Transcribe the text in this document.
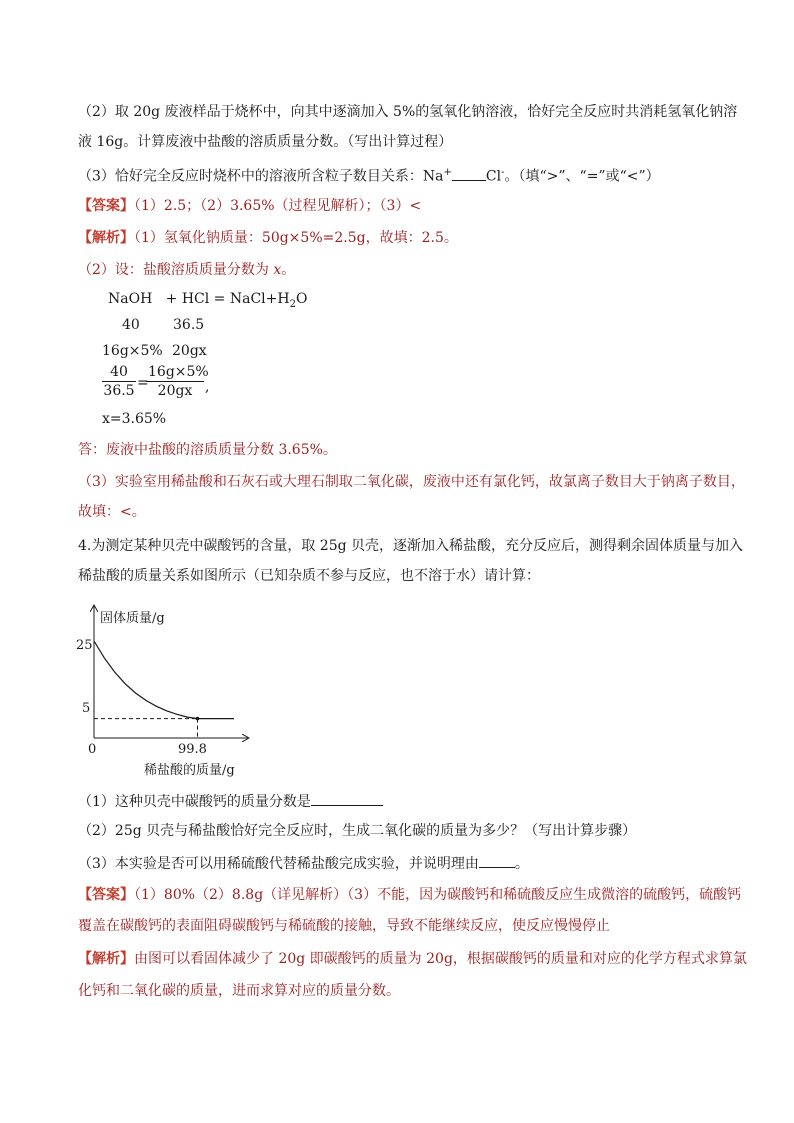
（2）取 20g 废液样品于烧杯中，向其中逐滴加入 5%的氢氧化钠溶液，恰好完全反应时共消耗氢氧化钠溶
液 16g。计算废液中盐酸的溶质质量分数。（写出计算过程）
（3）恰好完全反应时烧杯中的溶液所含粒子数目关系：Na+ Cl-。（填“>”、“=”或“<”）
【答案】（1）2.5；（2）3.65%（过程见解析）；（3）<
【解析】（1）氢氧化钠质量：50g×5%=2.5g，故填：2.5。
（2）设：盐酸溶质质量分数为 x。
NaOH + HCl = $NaCl+H_2O$
40 36.5
16g×5% 20gx
$\frac{40}{36.5}$ =
$\frac{16g\times 5\%}{20gx}$ ,
x=3.65%
答：废液中盐酸的溶质质量分数 3.65%。
（3）实验室用稀盐酸和石灰石或大理石制取二氧化碳，废液中还有氯化钙，故氯离子数目大于钠离子数目，
故填：<。
4.为测定某种贝壳中碳酸钙的含量，取 25g 贝壳，逐渐加入稀盐酸，充分反应后，测得剩余固体质量与加入
稀盐酸的质量关系如图所示（已知杂质不参与反应，也不溶于水）请计算：
固体质量/g
稀盐酸的质量/g
0
25
5
99.8
（1）这种贝壳中碳酸钙的质量分数是
（2）25g 贝壳与稀盐酸恰好完全反应时，生成二氧化碳的质量为多少？（写出计算步骤）
（3）本实验是否可以用稀硫酸代替稀盐酸完成实验，并说明理由	。
【答案】（1）80%（2）8.8g（详见解析）（3）不能，因为碳酸钙和稀硫酸反应生成微溶的硫酸钙，硫酸钙
覆盖在碳酸钙的表面阻碍碳酸钙与稀硫酸的接触，导致不能继续反应，使反应慢慢停止
【解析】由图可以看固体减少了 20g 即碳酸钙的质量为 20g，根据碳酸钙的质量和对应的化学方程式求算氯
化钙和二氧化碳的质量，进而求算对应的质量分数。
